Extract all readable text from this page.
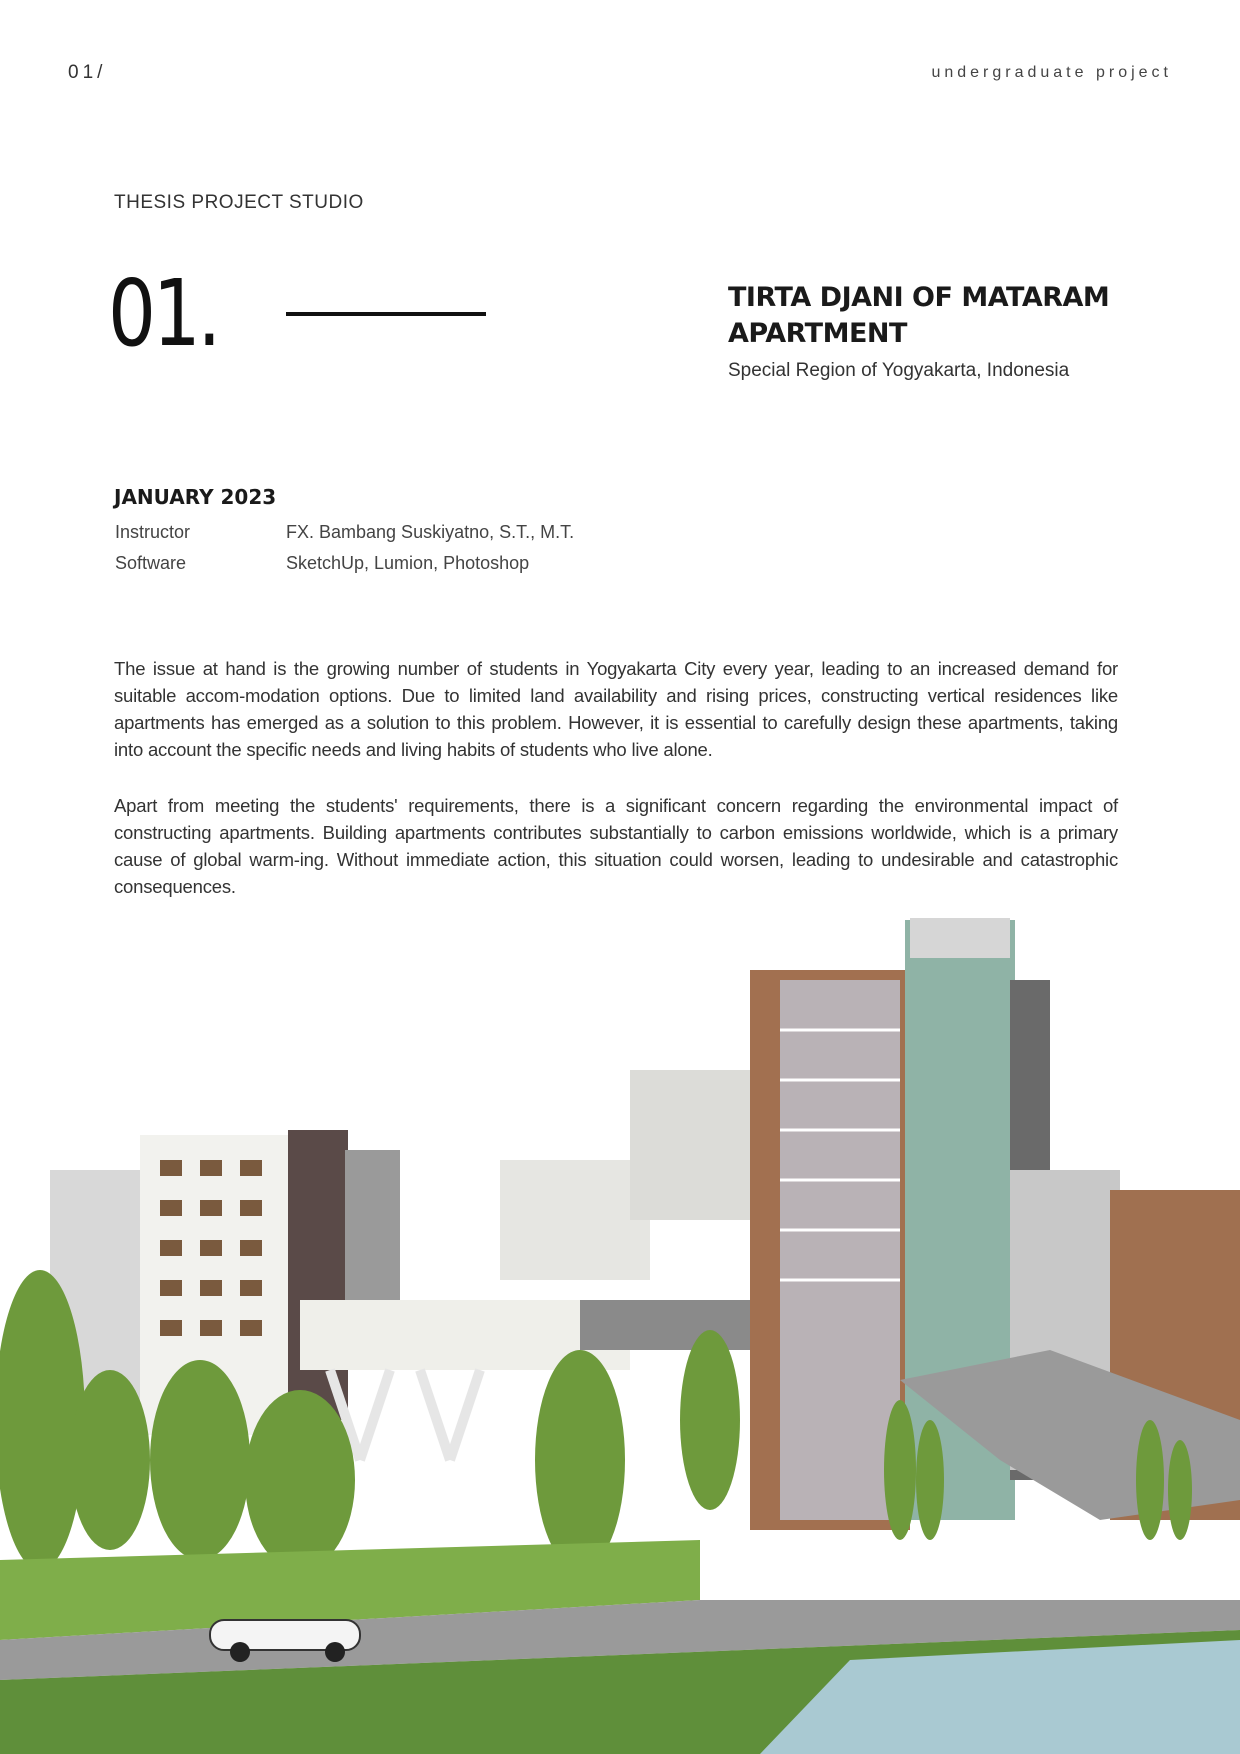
01/	undergraduate project
THESIS PROJECT STUDIO
01.	TIRTA DJANI OF MATARAM
APARTMENT
Special Region of Yogyakarta, Indonesia
JANUARY 2023
Instructor	FX. Bambang Suskiyatno, S.T., M.T.
Software	SketchUp, Lumion, Photoshop
The issue at hand is the growing number of students in Yogyakarta City every year, leading to an increased demand for suitable accom-modation options. Due to limited land availability and rising prices, constructing vertical residences like apartments has emerged as a solution to this problem. However, it is essential to carefully design these apartments, taking into account the specific needs and living habits of students who live alone.
Apart from meeting the students' requirements, there is a significant concern regarding the environmental impact of constructing apartments. Building apartments contributes substantially to carbon emissions worldwide, which is a primary cause of global warm-ing. Without immediate action, this situation could worsen, leading to undesirable and catastrophic consequences.
